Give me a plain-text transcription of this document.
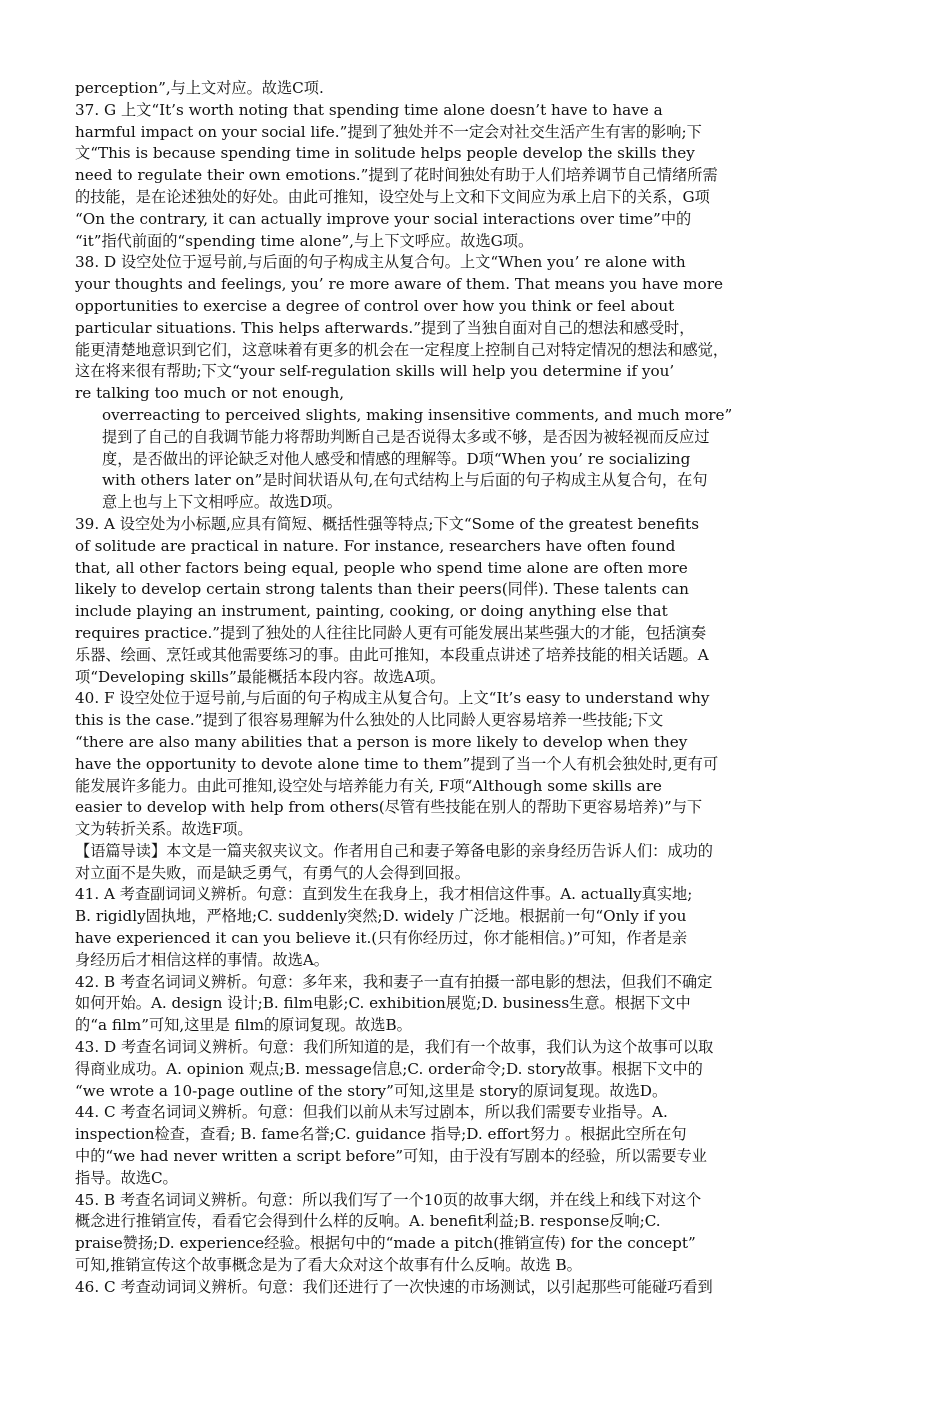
perception”,与上文对应。故选C项.
37. G 上文“It’s worth noting that spending time alone doesn’t have to have a
harmful impact on your social life.”提到了独处并不一定会对社交生活产生有害的影响;下
文“This is because spending time in solitude helps people develop the skills they
need to regulate their own emotions.”提到了花时间独处有助于人们培养调节自己情绪所需
的技能，是在论述独处的好处。由此可推知，设空处与上文和下文间应为承上启下的关系，G项
“On the contrary, it can actually improve your social interactions over time”中的
“it”指代前面的“spending time alone”,与上下文呼应。故选G项。
38. D 设空处位于逗号前,与后面的句子构成主从复合句。上文“When you’ re alone with
your thoughts and feelings, you’ re more aware of them. That means you have more
opportunities to exercise a degree of control over how you think or feel about
particular situations. This helps afterwards.”提到了当独自面对自己的想法和感受时，
能更清楚地意识到它们，这意味着有更多的机会在一定程度上控制自己对特定情况的想法和感觉，
这在将来很有帮助;下文“your self-regulation skills will help you determine if you’
re talking too much or not enough,
overreacting to perceived slights, making insensitive comments, and much more”
提到了自己的自我调节能力将帮助判断自己是否说得太多或不够，是否因为被轻视而反应过
度，是否做出的评论缺乏对他人感受和情感的理解等。D项“When you’ re socializing
with others later on”是时间状语从句,在句式结构上与后面的句子构成主从复合句，在句
意上也与上下文相呼应。故选D项。
39. A 设空处为小标题,应具有简短、概括性强等特点;下文“Some of the greatest benefits
of solitude are practical in nature. For instance, researchers have often found
that, all other factors being equal, people who spend time alone are often more
likely to develop certain strong talents than their peers(同伴). These talents can
include playing an instrument, painting, cooking, or doing anything else that
requires practice.”提到了独处的人往往比同龄人更有可能发展出某些强大的才能，包括演奏
乐器、绘画、烹饪或其他需要练习的事。由此可推知，本段重点讲述了培养技能的相关话题。A
项“Developing skills”最能概括本段内容。故选A项。
40. F 设空处位于逗号前,与后面的句子构成主从复合句。上文“It’s easy to understand why
this is the case.”提到了很容易理解为什么独处的人比同龄人更容易培养一些技能;下文
“there are also many abilities that a person is more likely to develop when they
have the opportunity to devote alone time to them”提到了当一个人有机会独处时,更有可
能发展许多能力。由此可推知,设空处与培养能力有关, F项“Although some skills are
easier to develop with help from others(尽管有些技能在别人的帮助下更容易培养)”与下
文为转折关系。故选F项。
【语篇导读】本文是一篇夹叙夹议文。作者用自己和妻子筹备电影的亲身经历告诉人们：成功的
对立面不是失败，而是缺乏勇气，有勇气的人会得到回报。
41. A 考查副词词义辨析。句意：直到发生在我身上，我才相信这件事。A. actually真实地;
B. rigidly固执地，严格地;C. suddenly突然;D. widely 广泛地。根据前一句“Only if you
have experienced it can you believe it.(只有你经历过，你才能相信。)”可知，作者是亲
身经历后才相信这样的事情。故选A。
42. B 考查名词词义辨析。句意：多年来，我和妻子一直有拍摄一部电影的想法，但我们不确定
如何开始。A. design 设计;B. film电影;C. exhibition展览;D. business生意。根据下文中
的“a film”可知,这里是 film的原词复现。故选B。
43. D 考查名词词义辨析。句意：我们所知道的是，我们有一个故事，我们认为这个故事可以取
得商业成功。A. opinion 观点;B. message信息;C. order命令;D. story故事。根据下文中的
“we wrote a 10-page outline of the story”可知,这里是 story的原词复现。故选D。
44. C 考查名词词义辨析。句意：但我们以前从未写过剧本，所以我们需要专业指导。A.
inspection检查，查看; B. fame名誉;C. guidance 指导;D. effort努力 。根据此空所在句
中的“we had never written a script before”可知，由于没有写剧本的经验，所以需要专业
指导。故选C。
45. B 考查名词词义辨析。句意：所以我们写了一个10页的故事大纲，并在线上和线下对这个
概念进行推销宣传，看看它会得到什么样的反响。A. benefit利益;B. response反响;C.
praise赞扬;D. experience经验。根据句中的“made a pitch(推销宣传) for the concept”
可知,推销宣传这个故事概念是为了看大众对这个故事有什么反响。故选 B。
46. C 考查动词词义辨析。句意：我们还进行了一次快速的市场测试，以引起那些可能碰巧看到
